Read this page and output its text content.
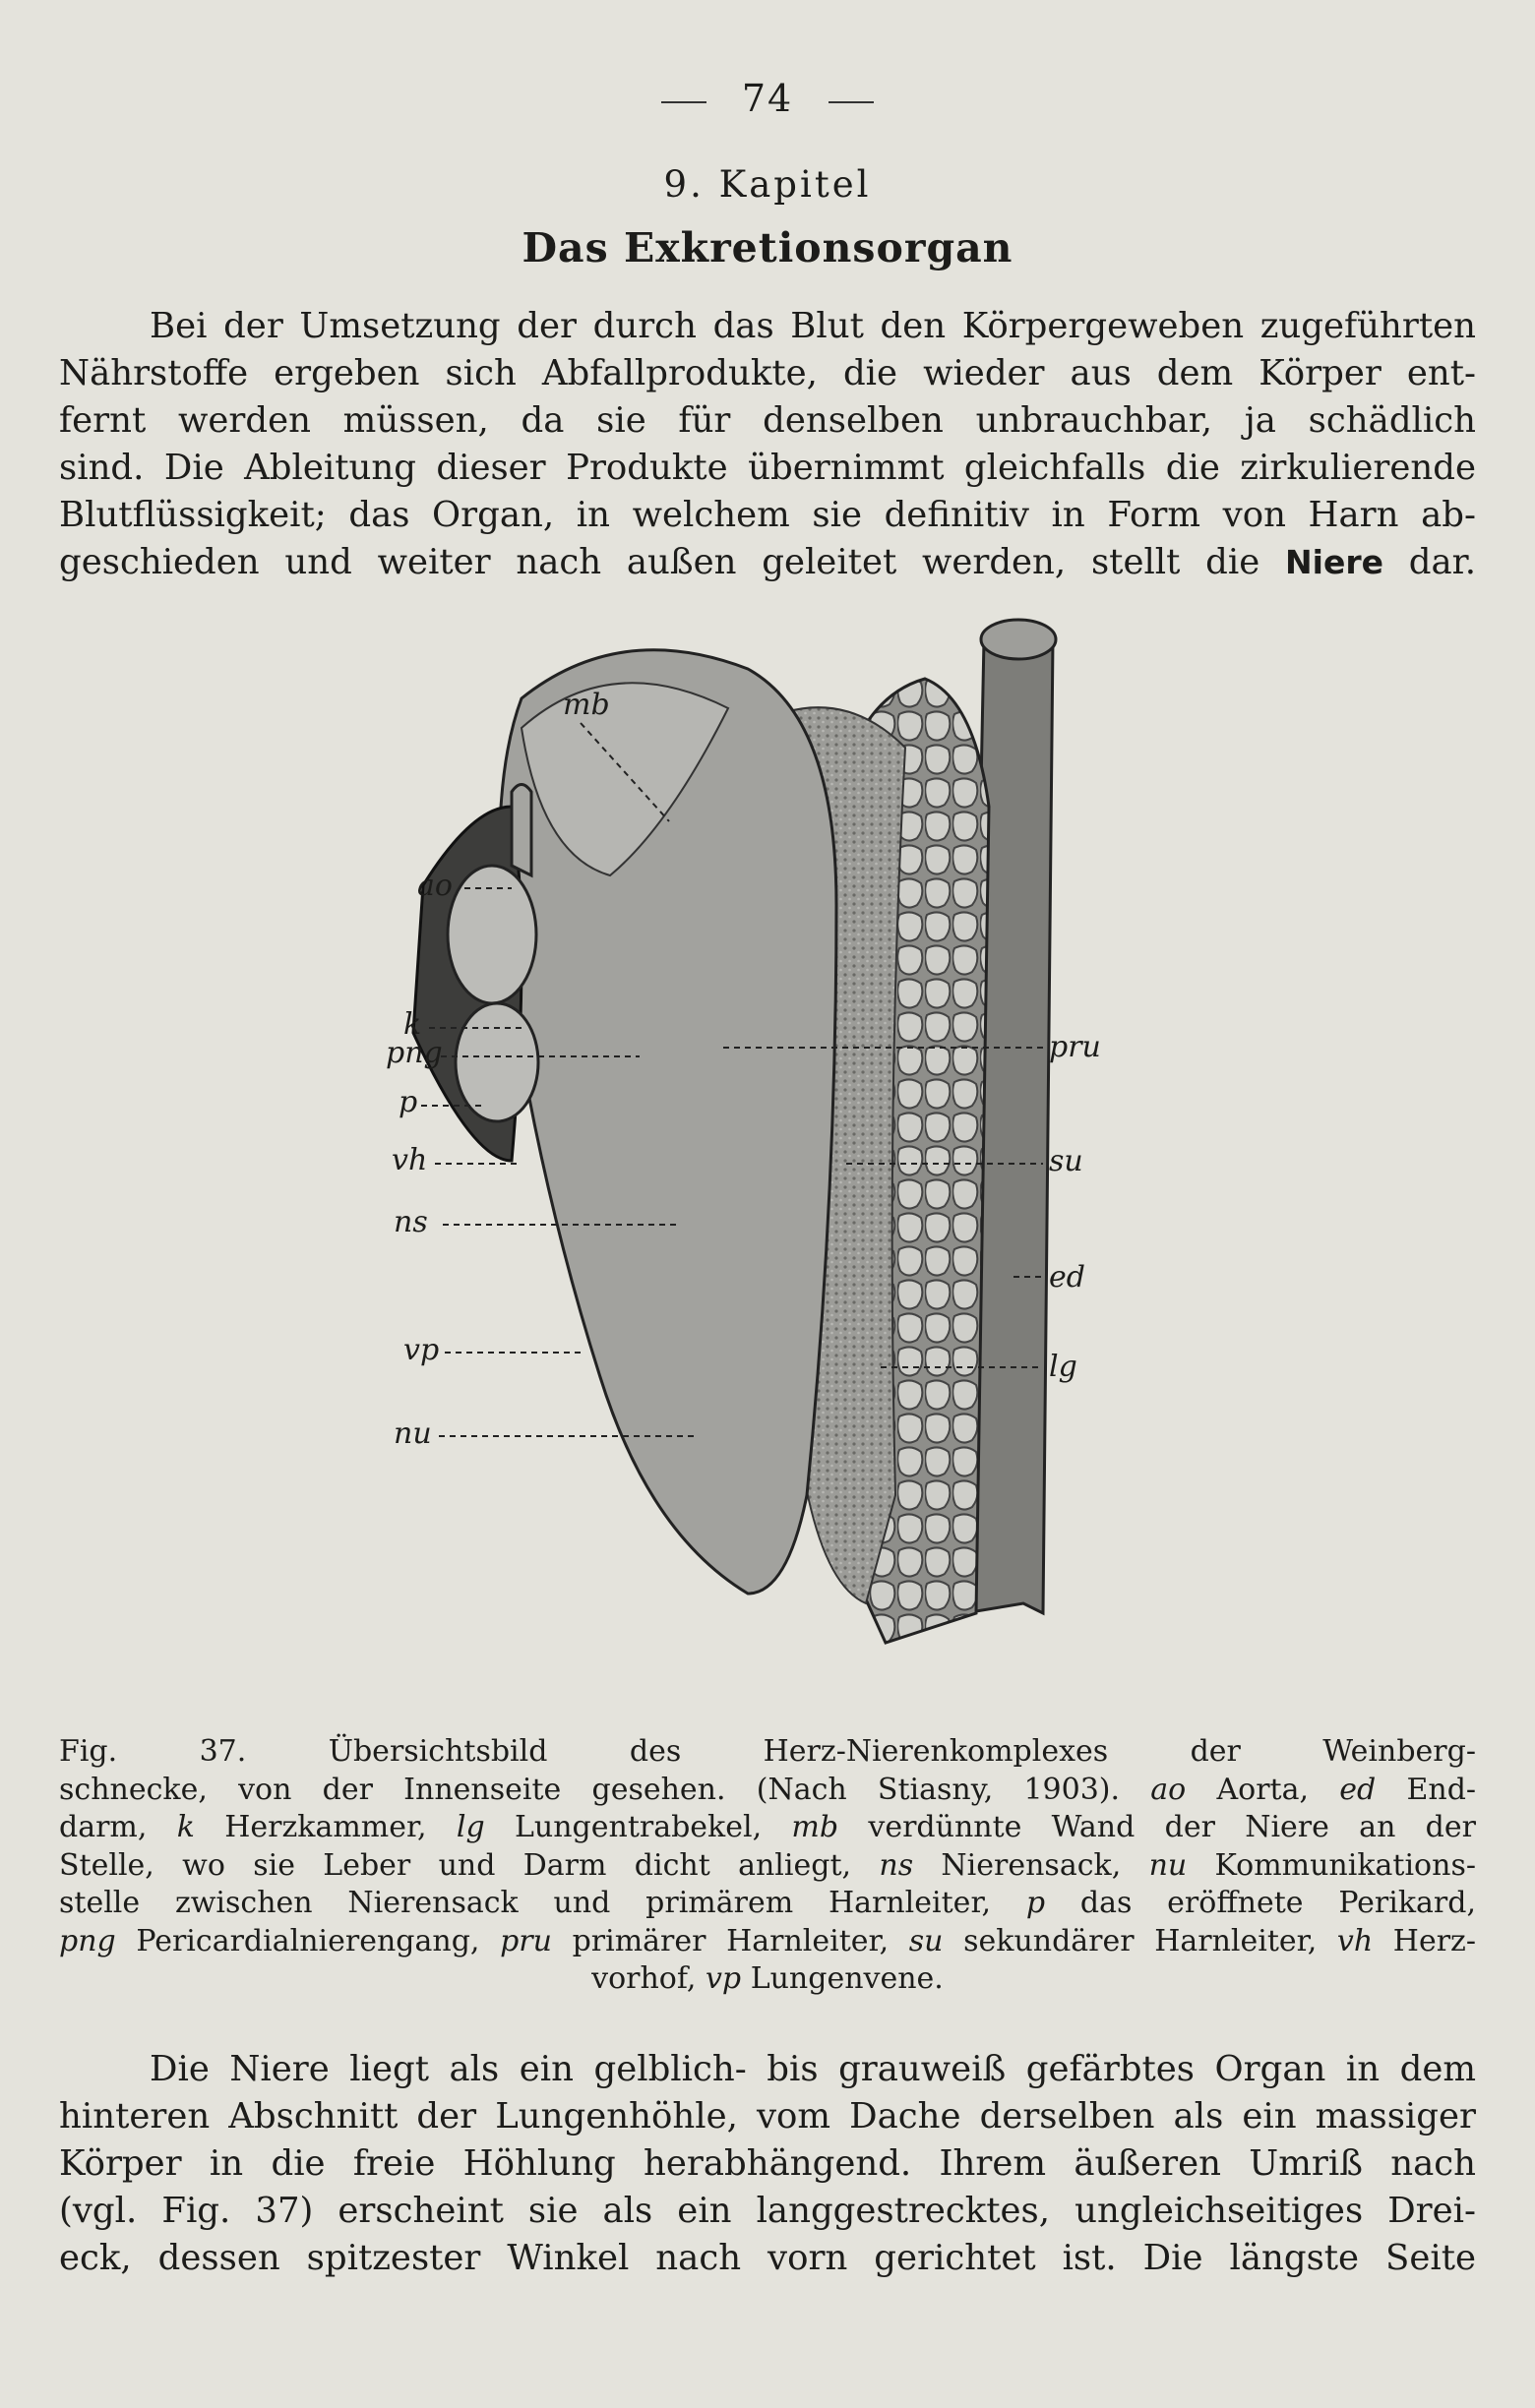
74
9. Kapitel
Das Exkretionsorgan
Bei der Umsetzung der durch das Blut den Körpergeweben zugeführten
Nährstoffe ergeben sich Abfallprodukte, die wieder aus dem Körper ent-
fernt werden müssen, da sie für denselben unbrauchbar, ja schädlich
sind. Die Ableitung dieser Produkte übernimmt gleichfalls die zirkulierende
Blutflüssigkeit; das Organ, in welchem sie definitiv in Form von Harn ab-
geschieden und weiter nach außen geleitet werden, stellt die Niere dar.
mb
ao
k
png
p
vh
ns
vp
nu
pru
su
ed
lg
Fig. 37. Übersichtsbild des Herz-Nierenkomplexes der Weinberg-
schnecke, von der Innenseite gesehen. (Nach Stiasny, 1903). ao Aorta, ed End-
darm, k Herzkammer, lg Lungentrabekel, mb verdünnte Wand der Niere an der
Stelle, wo sie Leber und Darm dicht anliegt, ns Nierensack, nu Kommunikations-
stelle zwischen Nierensack und primärem Harnleiter, p das eröffnete Perikard,
png Pericardialnierengang, pru primärer Harnleiter, su sekundärer Harnleiter, vh Herz-
vorhof, vp Lungenvene.
Die Niere liegt als ein gelblich- bis grauweiß gefärbtes Organ in dem
hinteren Abschnitt der Lungenhöhle, vom Dache derselben als ein massiger
Körper in die freie Höhlung herabhängend. Ihrem äußeren Umriß nach
(vgl. Fig. 37) erscheint sie als ein langgestrecktes, ungleichseitiges Drei-
eck, dessen spitzester Winkel nach vorn gerichtet ist. Die längste Seite
